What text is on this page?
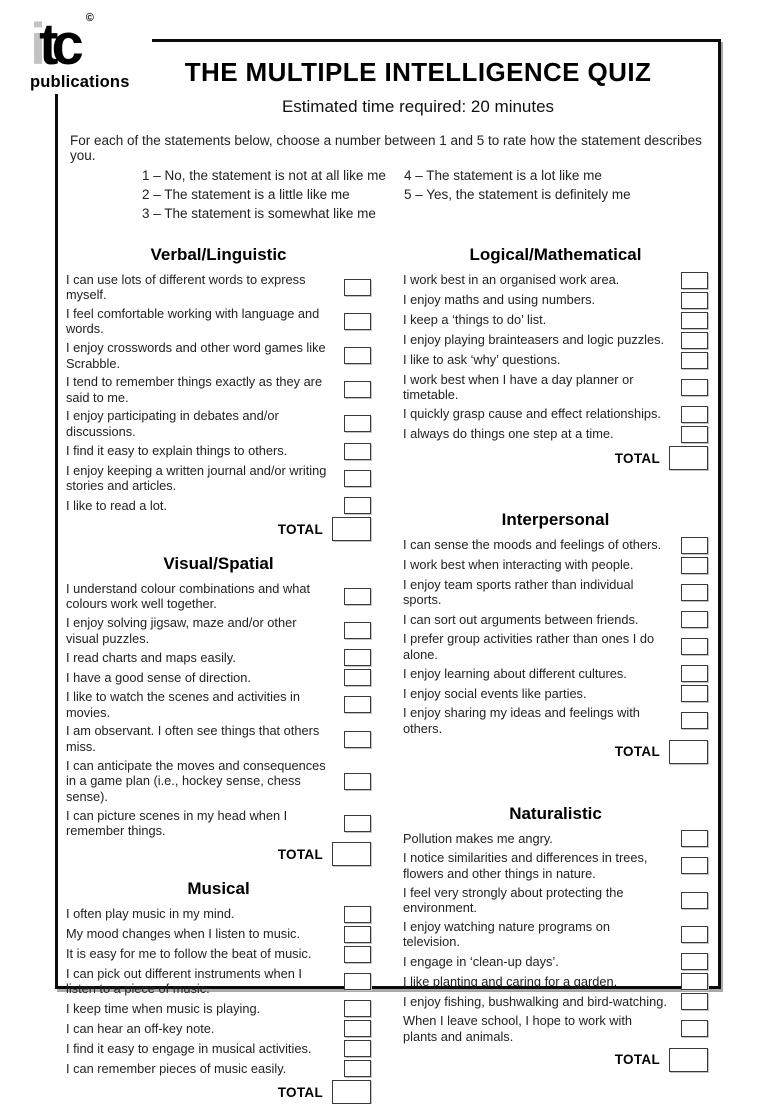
itc ©
publications	THE MULTIPLE INTELLIGENCE QUIZ
Estimated time required: 20 minutes
For each of the statements below, choose a number between 1 and 5 to rate how the statement describes you.
1 – No, the statement is not at all like me	4 – The statement is a lot like me
2 – The statement is a little like me	5 – Yes, the statement is definitely me
3 – The statement is somewhat like me
Verbal/Linguistic
I can use lots of different words to express myself.
I feel comfortable working with language and words.
I enjoy crosswords and other word games like Scrabble.
I tend to remember things exactly as they are said to me.
I enjoy participating in debates and/or discussions.
I find it easy to explain things to others.
I enjoy keeping a written journal and/or writing stories and articles.
I like to read a lot.
TOTAL
Visual/Spatial
I understand colour combinations and what colours work well together.
I enjoy solving jigsaw, maze and/or other visual puzzles.
I read charts and maps easily.
I have a good sense of direction.
I like to watch the scenes and activities in movies.
I am observant. I often see things that others miss.
I can anticipate the moves and consequences in a game plan (i.e., hockey sense, chess sense).
I can picture scenes in my head when I remember things.
TOTAL
Musical
I often play music in my mind.
My mood changes when I listen to music.
It is easy for me to follow the beat of music.
I can pick out different instruments when I listen to a piece of music.
I keep time when music is playing.
I can hear an off-key note.
I find it easy to engage in musical activities.
I can remember pieces of music easily.
TOTAL
Logical/Mathematical
I work best in an organised work area.
I enjoy maths and using numbers.
I keep a ‘things to do’ list.
I enjoy playing brainteasers and logic puzzles.
I like to ask ‘why’ questions.
I work best when I have a day planner or timetable.
I quickly grasp cause and effect relationships.
I always do things one step at a time.
TOTAL
Interpersonal
I can sense the moods and feelings of others.
I work best when interacting with people.
I enjoy team sports rather than individual sports.
I can sort out arguments between friends.
I prefer group activities rather than ones I do alone.
I enjoy learning about different cultures.
I enjoy social events like parties.
I enjoy sharing my ideas and feelings with others.
TOTAL
Naturalistic
Pollution makes me angry.
I notice similarities and differences in trees, flowers and other things in nature.
I feel very strongly about protecting the environment.
I enjoy watching nature programs on television.
I engage in ‘clean-up days’.
I like planting and caring for a garden.
I enjoy fishing, bushwalking and bird-watching.
When I leave school, I hope to work with plants and animals.
TOTAL
